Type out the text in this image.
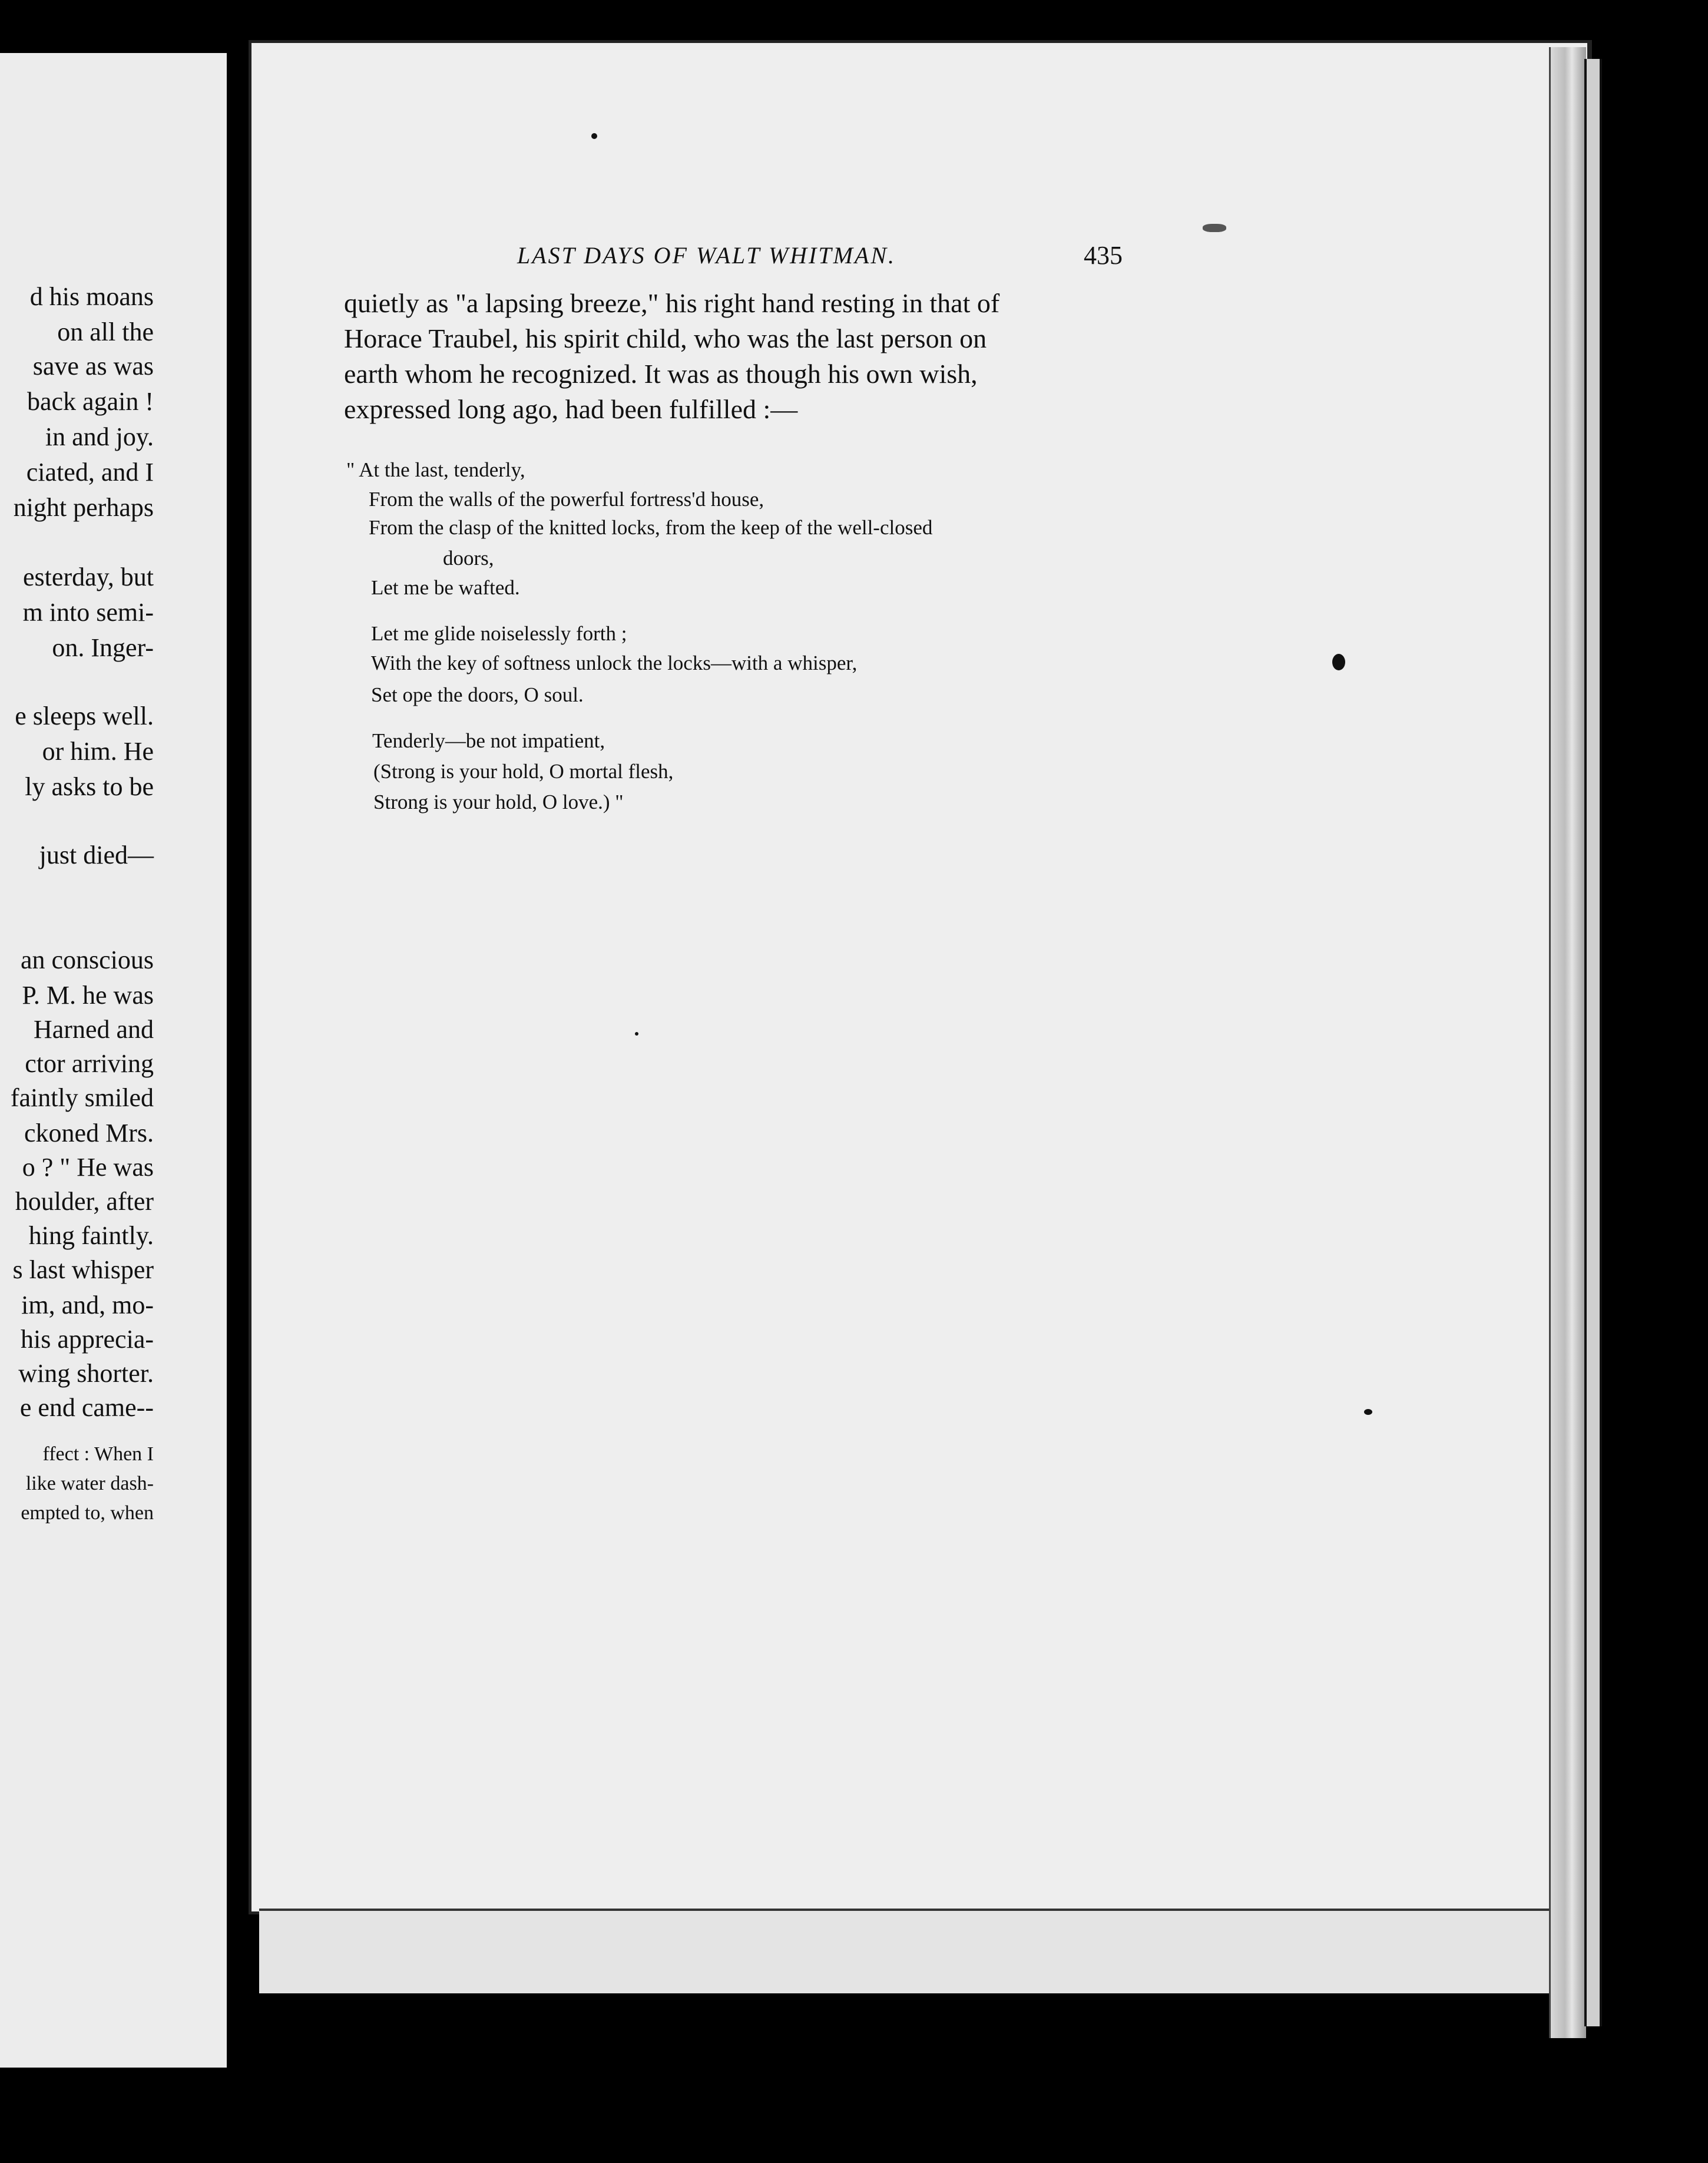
d his moans
on all the
save as was
back again !
in and joy.
ciated, and I
night perhaps
esterday, but
m into semi-
on. Inger-
e sleeps well.
or him. He
ly asks to be
just died—
an conscious
P. M. he was
Harned and
ctor arriving
faintly smiled
ckoned Mrs.
o ? " He was
houlder, after
hing faintly.
s last whisper
im, and, mo-
his apprecia-
wing shorter.
e end came--
ffect : When I
like water dash-
empted to, when
LAST DAYS OF WALT WHITMAN.	435
quietly as "a lapsing breeze," his right hand resting in that of
Horace Traubel, his spirit child, who was the last person on
earth whom he recognized. It was as though his own wish,
expressed long ago, had been fulfilled :—
" At the last, tenderly,
From the walls of the powerful fortress'd house,
From the clasp of the knitted locks, from the keep of the well-closed
doors,
Let me be wafted.
Let me glide noiselessly forth ;
With the key of softness unlock the locks—with a whisper,
Set ope the doors, O soul.
Tenderly—be not impatient,
(Strong is your hold, O mortal flesh,
Strong is your hold, O love.) "
